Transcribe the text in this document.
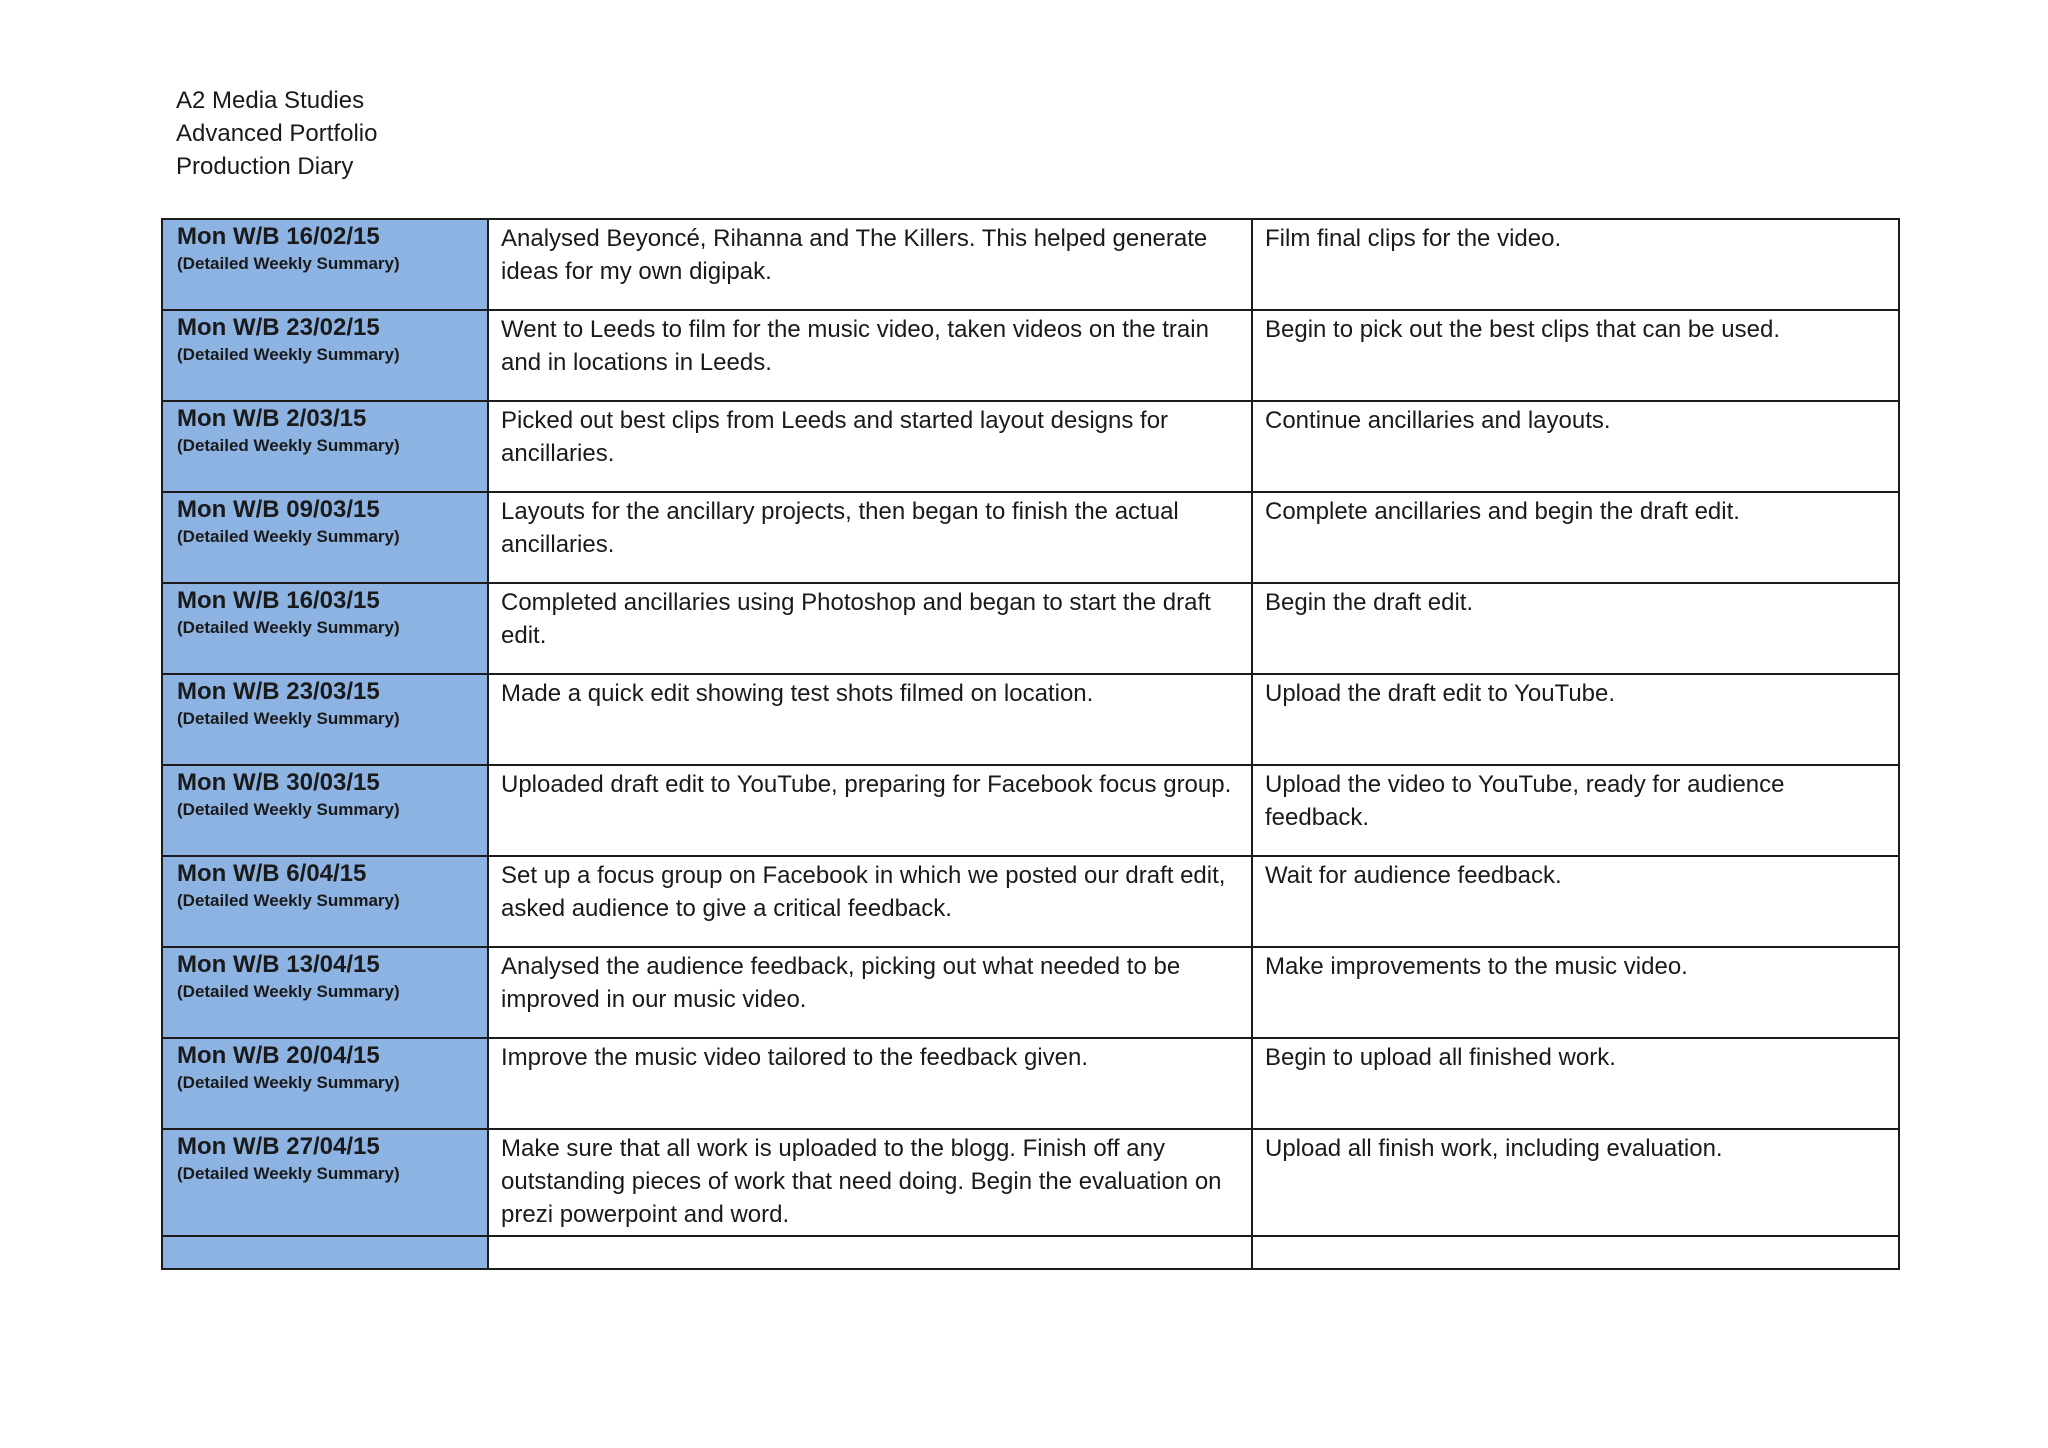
A2 Media Studies
Advanced Portfolio
Production Diary
Mon W/B 16/02/15
(Detailed Weekly Summary)	Analysed Beyoncé, Rihanna and The Killers. This helped generate ideas for my own digipak.	Film final clips for the video.

Mon W/B 23/02/15
(Detailed Weekly Summary)	Went to Leeds to film for the music video, taken videos on the train and in locations in Leeds.	Begin to pick out the best clips that can be used.

Mon W/B 2/03/15
(Detailed Weekly Summary)	Picked out best clips from Leeds and started layout designs for ancillaries.	Continue ancillaries and layouts.

Mon W/B 09/03/15
(Detailed Weekly Summary)	Layouts for the ancillary projects, then began to finish the actual ancillaries.	Complete ancillaries and begin the draft edit.

Mon W/B 16/03/15
(Detailed Weekly Summary)	Completed ancillaries using Photoshop and began to start the draft edit.	Begin the draft edit.

Mon W/B 23/03/15
(Detailed Weekly Summary)	Made a quick edit showing test shots filmed on location.	Upload the draft edit to YouTube.

Mon W/B 30/03/15
(Detailed Weekly Summary)	Uploaded draft edit to YouTube, preparing for Facebook focus group.	Upload the video to YouTube, ready for audience feedback.

Mon W/B 6/04/15
(Detailed Weekly Summary)	Set up a focus group on Facebook in which we posted our draft edit, asked audience to give a critical feedback.	Wait for audience feedback.

Mon W/B 13/04/15
(Detailed Weekly Summary)	Analysed the audience feedback, picking out what needed to be improved in our music video.	Make improvements to the music video.

Mon W/B 20/04/15
(Detailed Weekly Summary)	Improve the music video tailored to the feedback given.	Begin to upload all finished work.

Mon W/B 27/04/15
(Detailed Weekly Summary)	Make sure that all work is uploaded to the blogg. Finish off any outstanding pieces of work that need doing. Begin the evaluation on prezi powerpoint and word.	Upload all finish work, including evaluation.
